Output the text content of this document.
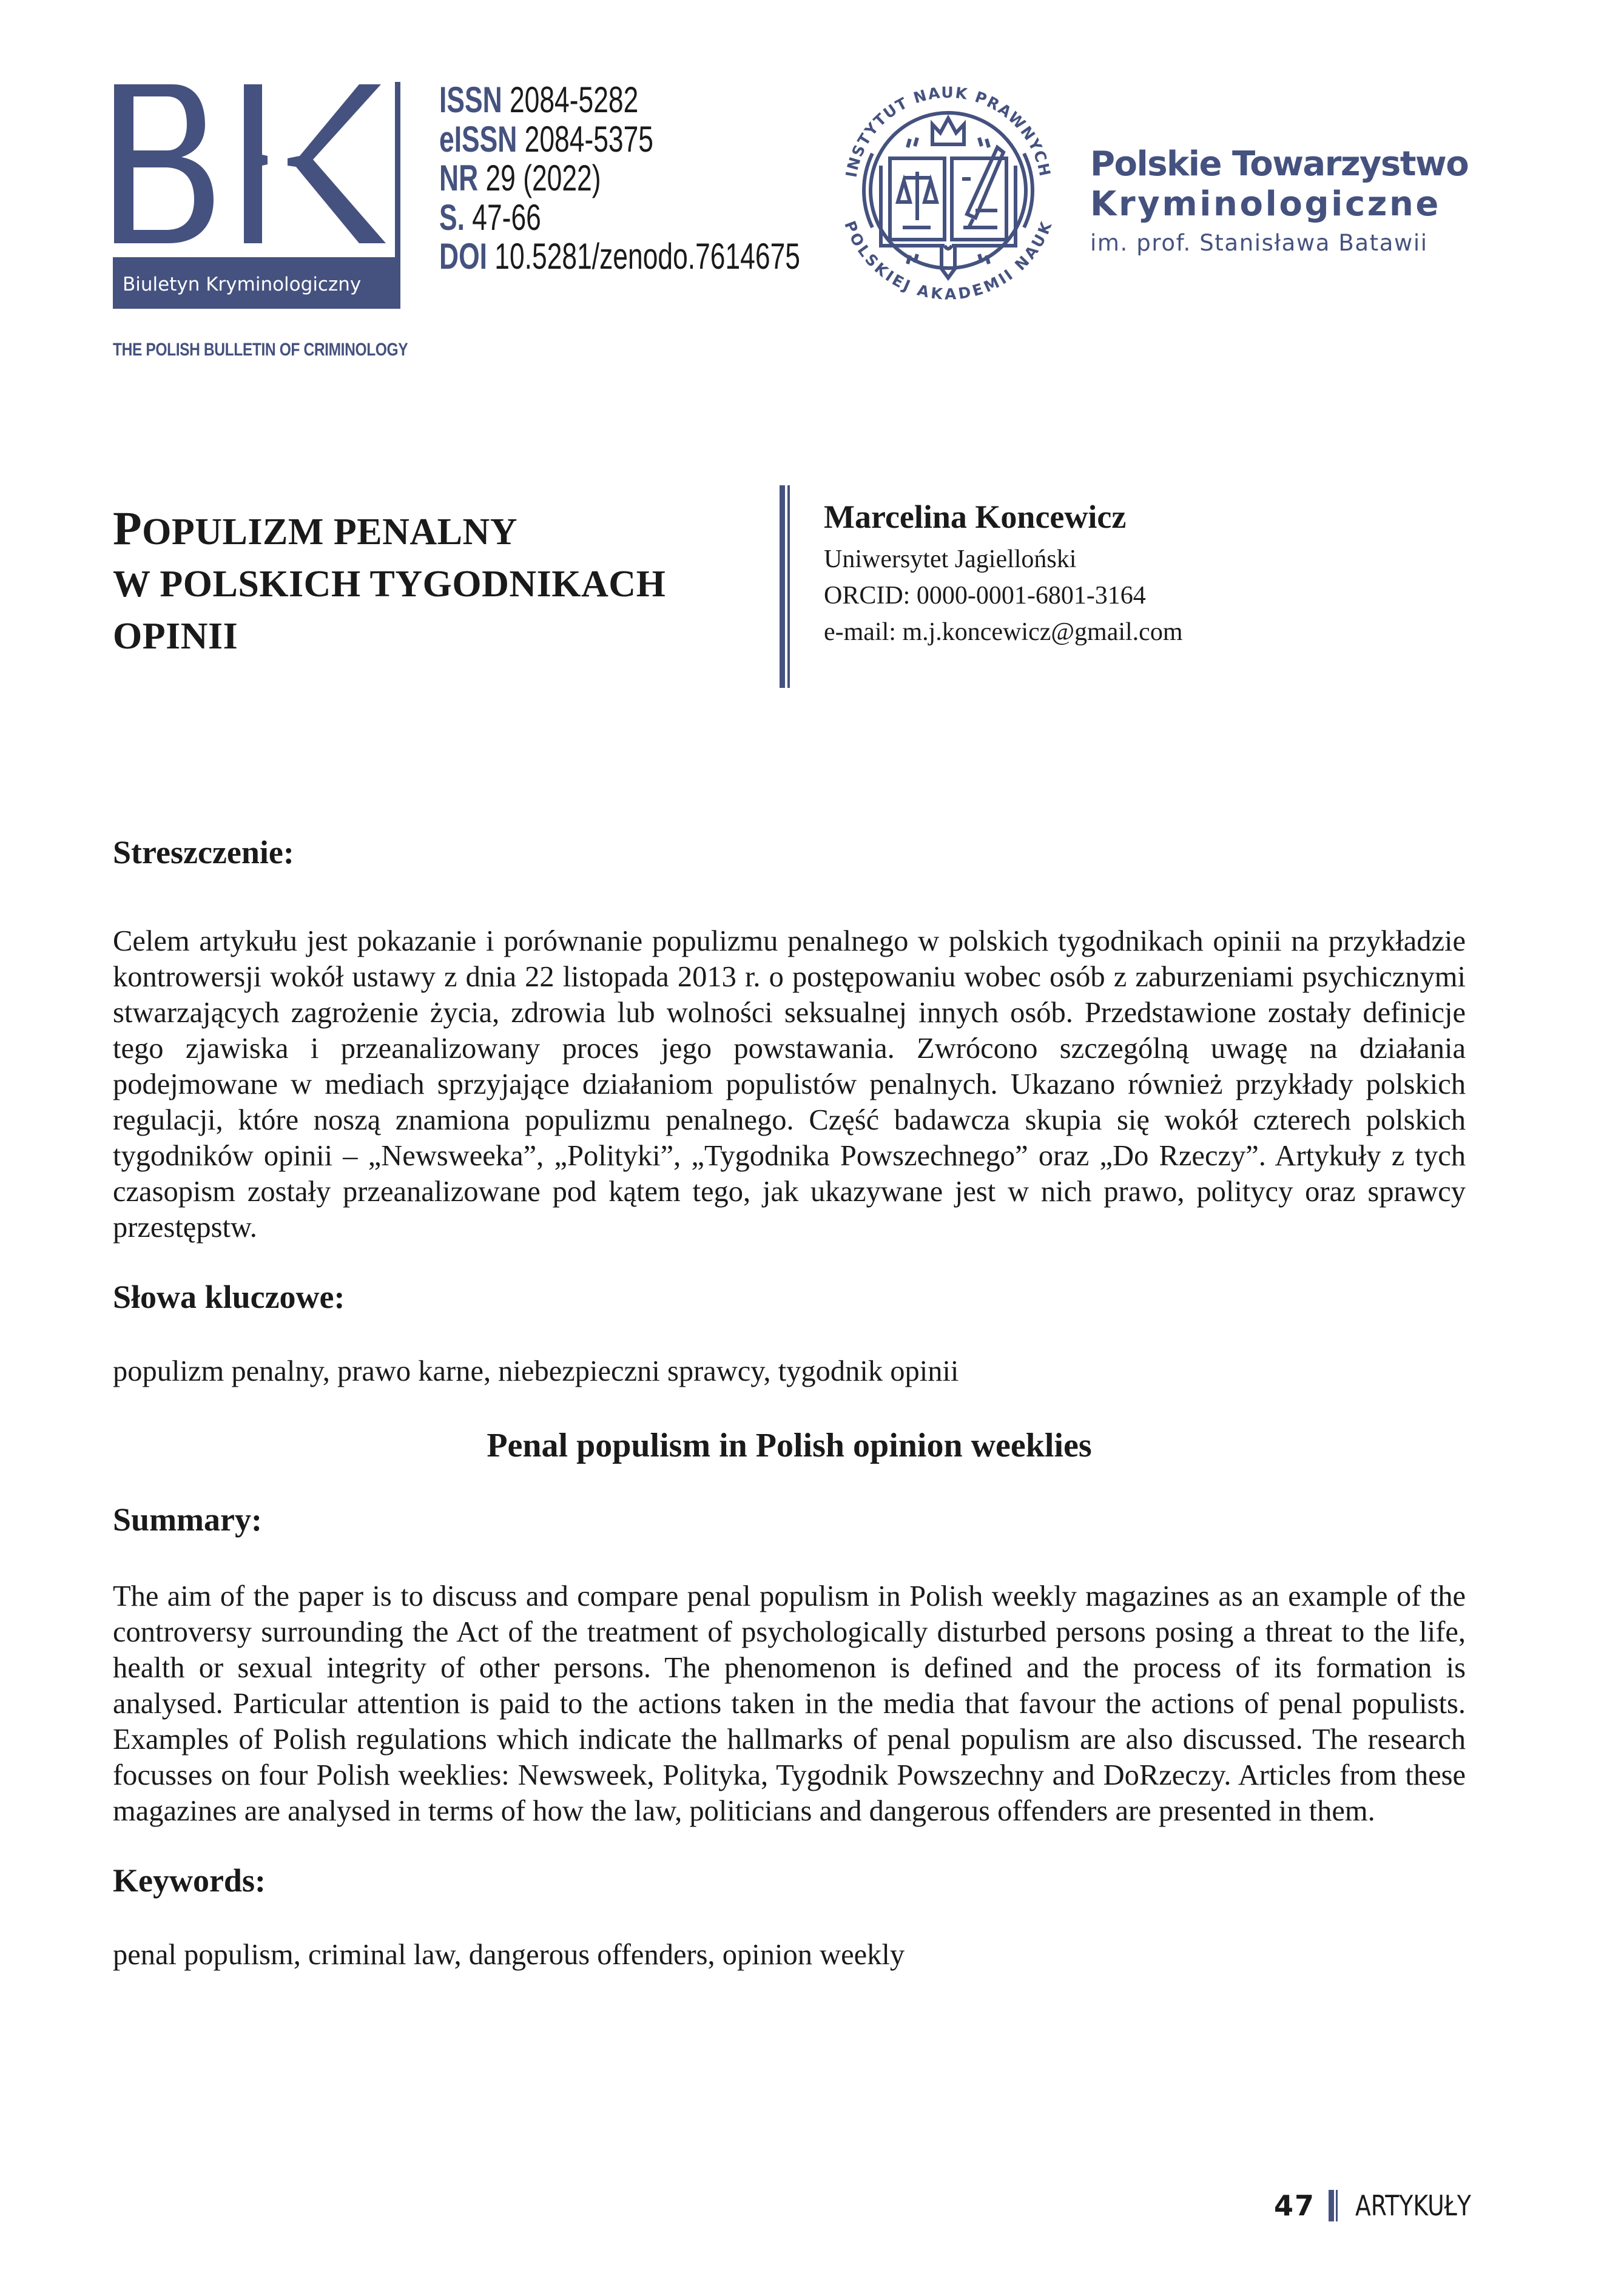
Biuletyn Kryminologiczny
THE POLISH BULLETIN OF CRIMINOLOGY
ISSN 2084-5282
eISSN 2084-5375
NR 29 (2022)
S. 47-66
DOI 10.5281/zenodo.7614675
INSTYTUT NAUK PRAWNYCH
POLSKIEJ AKADEMII NAUK
Polskie Towarzystwo
Kryminologiczne
im. prof. Stanisława Batawii
POPULIZM PENALNY
W POLSKICH TYGODNIKACH
OPINII
Marcelina Koncewicz
Uniwersytet Jagielloński
ORCID: 0000-0001-6801-3164
e-mail: m.j.koncewicz@gmail.com
Streszczenie:

Celem artykułu jest pokazanie i porównanie populizmu penalnego w polskich tygodnikach opinii na przykładzie kontrowersji wokół ustawy z dnia 22 listopada 2013 r. o postępowaniu wobec osób z zaburzeniami psychicznymi stwarzających zagrożenie życia, zdrowia lub wolności seksualnej innych osób. Przedstawione zostały definicje tego zjawiska i przeanalizowany proces jego powstawania. Zwrócono szczególną uwagę na działania podejmowane w mediach sprzyjające działaniom populistów penalnych. Ukazano również przykłady polskich regulacji, które noszą znamiona populizmu penalnego. Część badawcza skupia się wokół czterech polskich tygodników opinii – „Newsweeka”, „Polityki”, „Tygodnika Powszechnego” oraz „Do Rzeczy”. Artykuły z tych czasopism zostały przeanalizowane pod kątem tego, jak ukazywane jest w nich prawo, politycy oraz sprawcy przestępstw.

Słowa kluczowe:

populizm penalny, prawo karne, niebezpieczni sprawcy, tygodnik opinii

Penal populism in Polish opinion weeklies
Summary:

The aim of the paper is to discuss and compare penal populism in Polish weekly magazines as an example of the controversy surrounding the Act of the treatment of psychologically disturbed persons posing a threat to the life, health or sexual integrity of other persons. The phenomenon is defined and the process of its formation is analysed. Particular attention is paid to the actions taken in the media that favour the actions of penal populists. Examples of Polish regulations which indicate the hallmarks of penal populism are also discussed. The research focusses on four Polish weeklies: Newsweek, Polityka, Tygodnik Powszechny and DoRzeczy. Articles from these magazines are analysed in terms of how the law, politicians and dangerous offenders are presented in them.

Keywords:

penal populism, criminal law, dangerous offenders, opinion weekly

47 ARTYKUŁY
